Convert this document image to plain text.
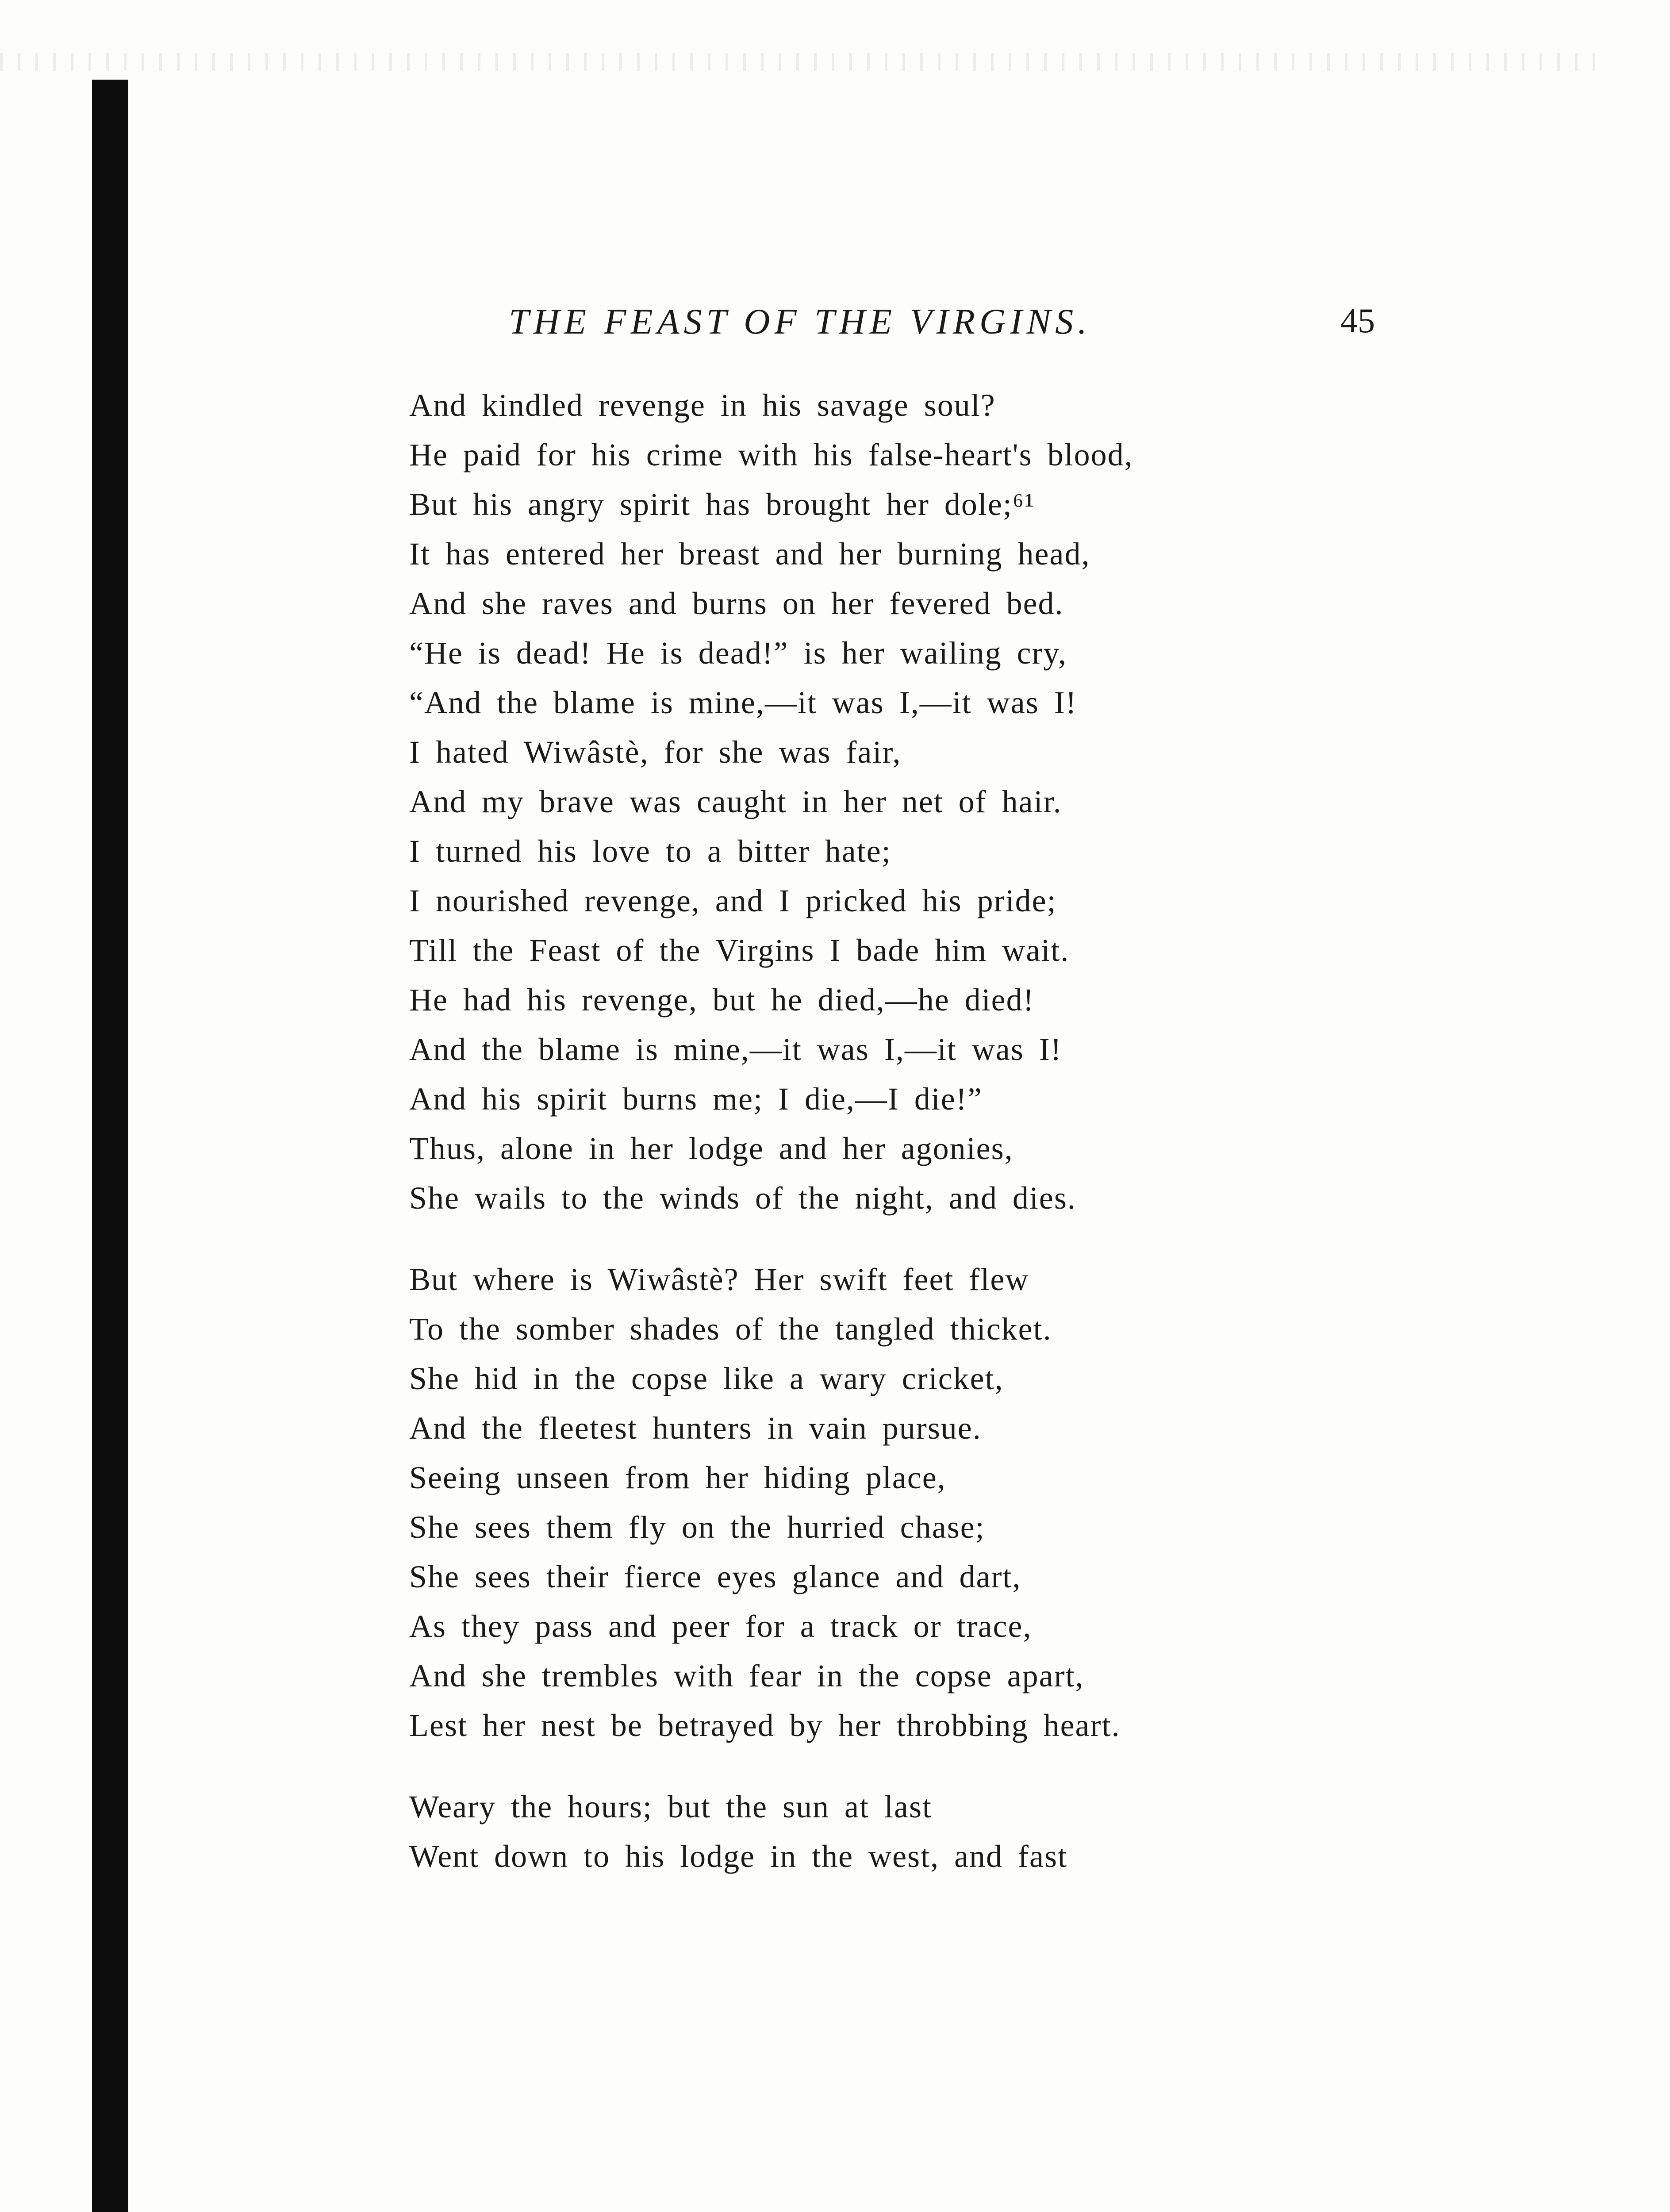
THE FEAST OF THE VIRGINS.	45
And kindled revenge in his savage soul?
He paid for his crime with his false-heart's blood,
But his angry spirit has brought her dole;⁶¹
It has entered her breast and her burning head,
And she raves and burns on her fevered bed.
“He is dead! He is dead!” is her wailing cry,
“And the blame is mine,—it was I,—it was I!
I hated Wiwâstè, for she was fair,
And my brave was caught in her net of hair.
I turned his love to a bitter hate;
I nourished revenge, and I pricked his pride;
Till the Feast of the Virgins I bade him wait.
He had his revenge, but he died,—he died!
And the blame is mine,—it was I,—it was I!
And his spirit burns me; I die,—I die!”
Thus, alone in her lodge and her agonies,
She wails to the winds of the night, and dies.
But where is Wiwâstè? Her swift feet flew
To the somber shades of the tangled thicket.
She hid in the copse like a wary cricket,
And the fleetest hunters in vain pursue.
Seeing unseen from her hiding place,
She sees them fly on the hurried chase;
She sees their fierce eyes glance and dart,
As they pass and peer for a track or trace,
And she trembles with fear in the copse apart,
Lest her nest be betrayed by her throbbing heart.
Weary the hours; but the sun at last
Went down to his lodge in the west, and fast
